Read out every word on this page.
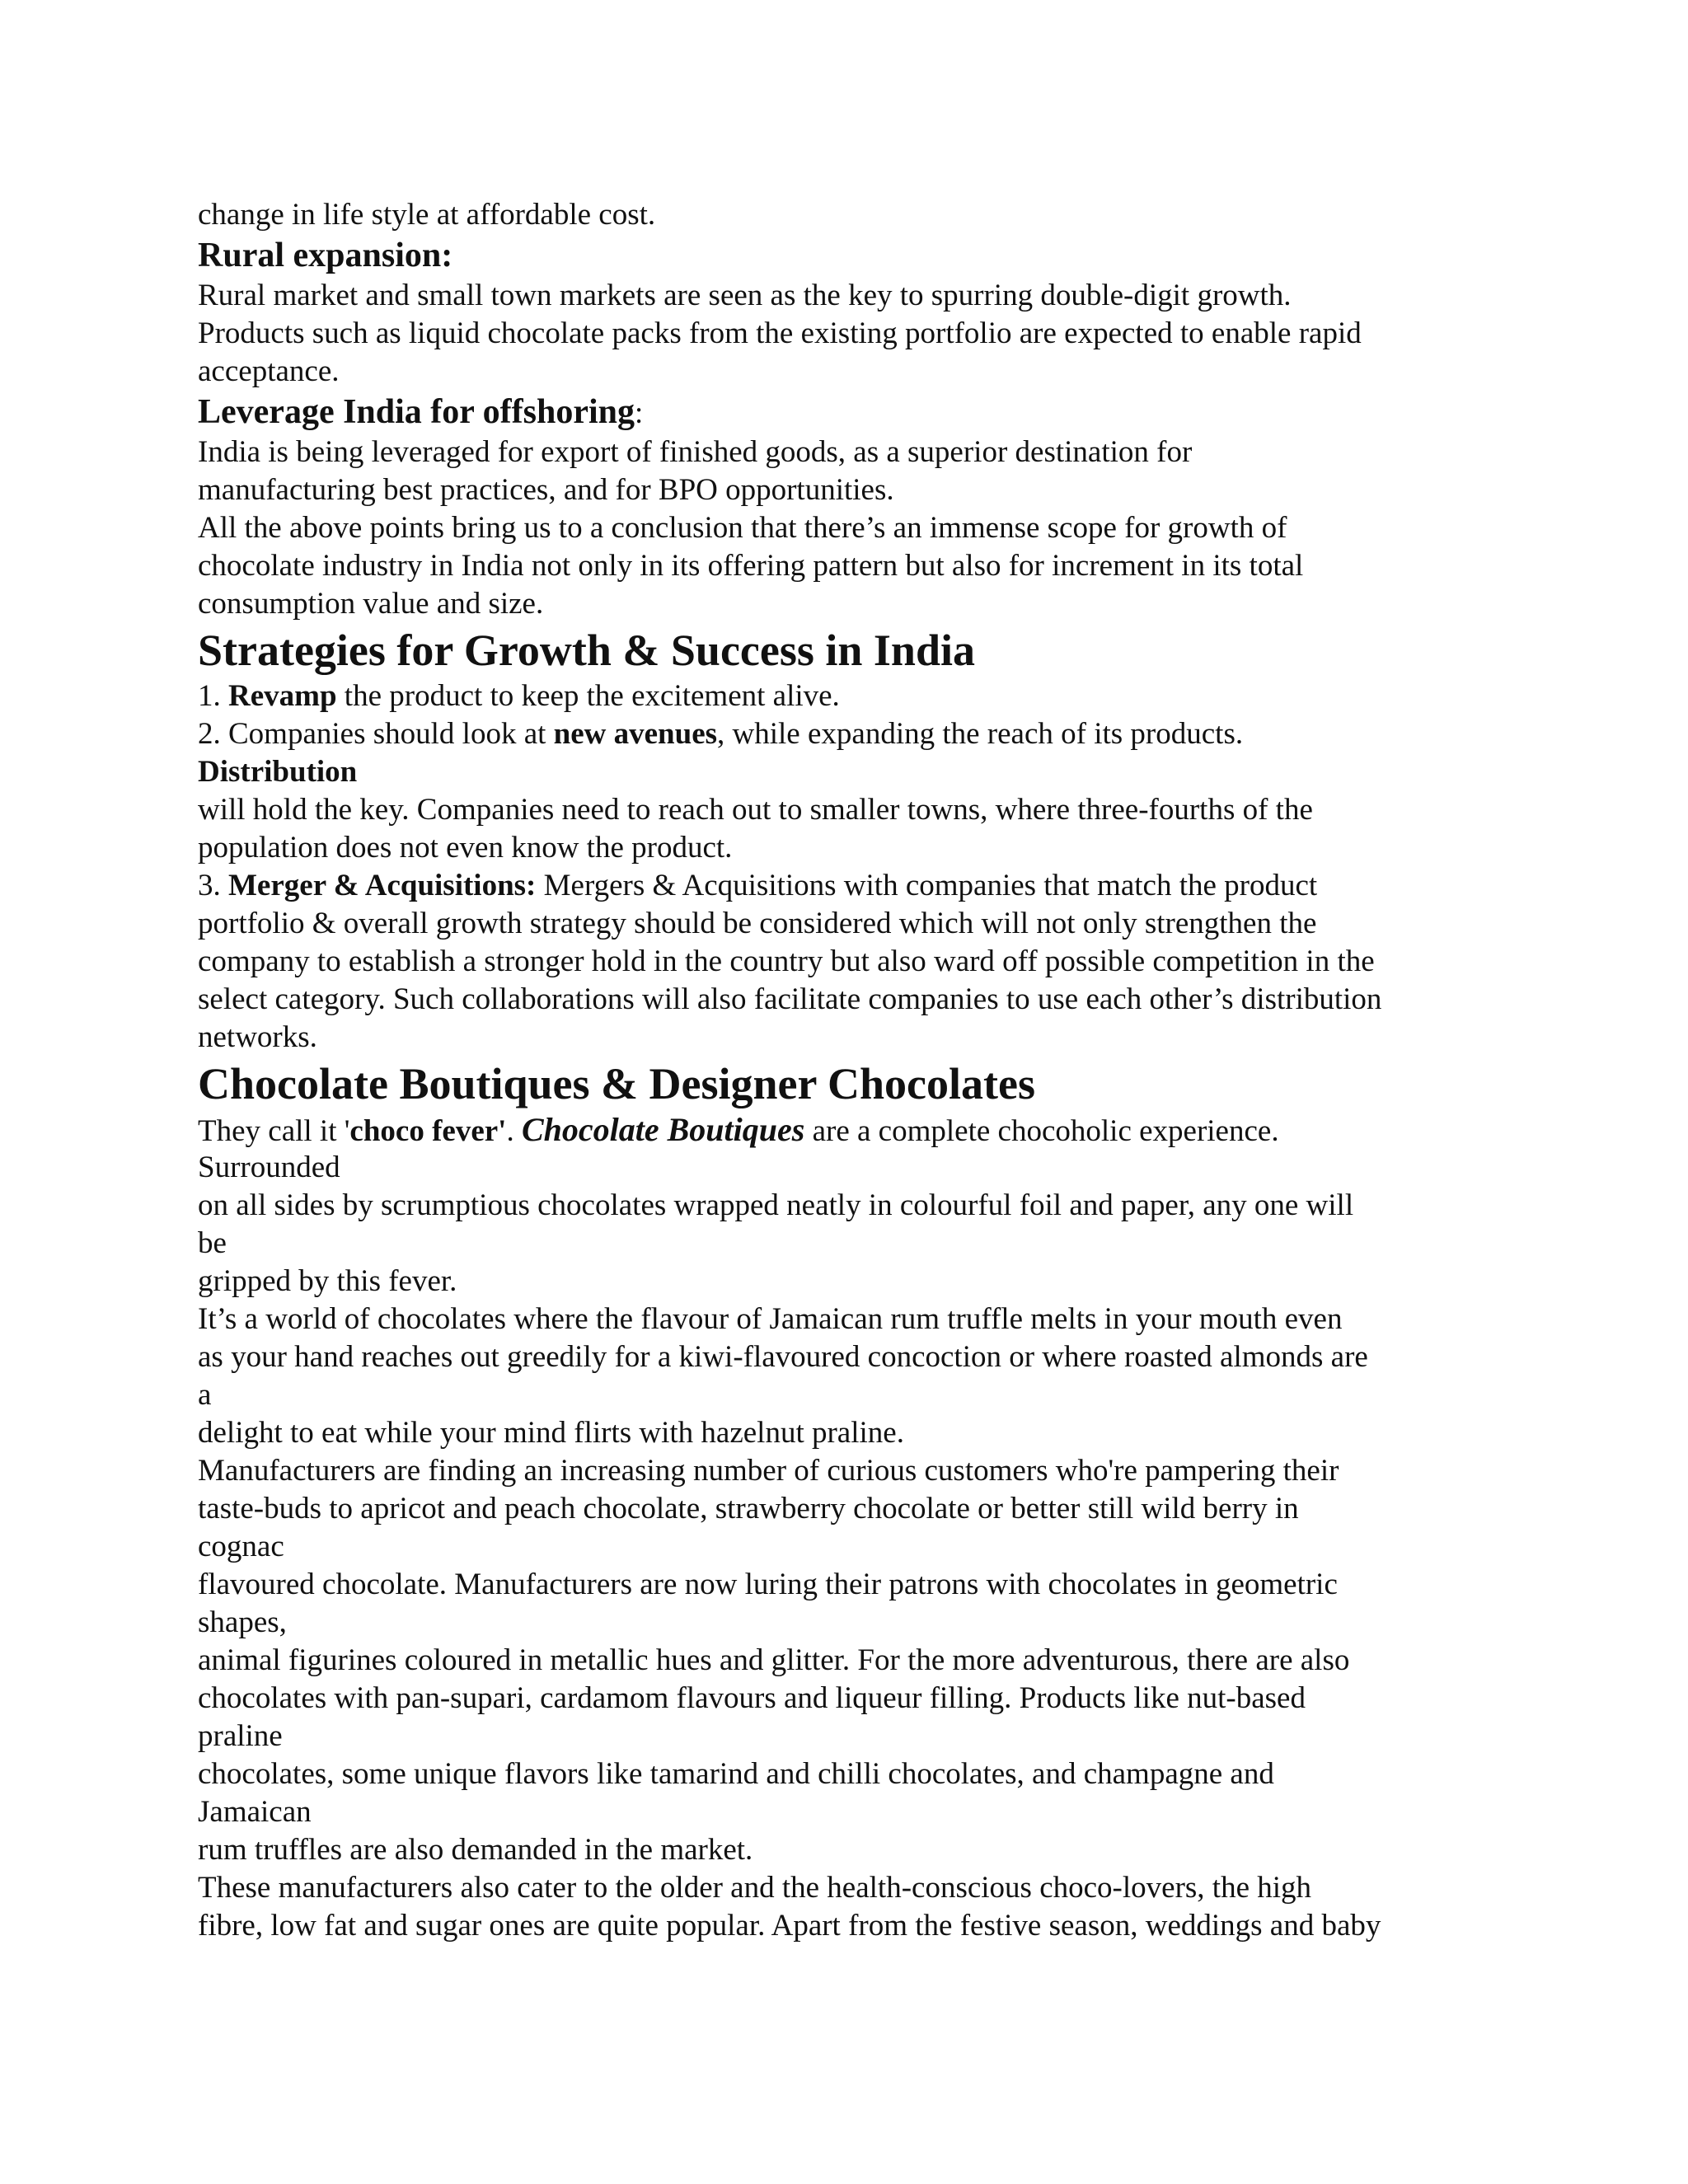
change in life style at affordable cost.

Rural expansion:

Rural market and small town markets are seen as the key to spurring double-digit growth.

Products such as liquid chocolate packs from the existing portfolio are expected to enable rapid

acceptance.

Leverage India for offshoring:

India is being leveraged for export of finished goods, as a superior destination for

manufacturing best practices, and for BPO opportunities.

All the above points bring us to a conclusion that there’s an immense scope for growth of

chocolate industry in India not only in its offering pattern but also for increment in its total

consumption value and size.

Strategies for Growth & Success in India

1. Revamp the product to keep the excitement alive.

2. Companies should look at new avenues, while expanding the reach of its products.

Distribution

will hold the key. Companies need to reach out to smaller towns, where three-fourths of the

population does not even know the product.

3. Merger & Acquisitions: Mergers & Acquisitions with companies that match the product

portfolio & overall growth strategy should be considered which will not only strengthen the

company to establish a stronger hold in the country but also ward off possible competition in the

select category. Such collaborations will also facilitate companies to use each other’s distribution

networks.

Chocolate Boutiques & Designer Chocolates

They call it 'choco fever'. Chocolate Boutiques are a complete chocoholic experience.

Surrounded

on all sides by scrumptious chocolates wrapped neatly in colourful foil and paper, any one will

be

gripped by this fever.

It’s a world of chocolates where the flavour of Jamaican rum truffle melts in your mouth even

as your hand reaches out greedily for a kiwi-flavoured concoction or where roasted almonds are

a

delight to eat while your mind flirts with hazelnut praline.

Manufacturers are finding an increasing number of curious customers who're pampering their

taste-buds to apricot and peach chocolate, strawberry chocolate or better still wild berry in

cognac

flavoured chocolate. Manufacturers are now luring their patrons with chocolates in geometric

shapes,

animal figurines coloured in metallic hues and glitter. For the more adventurous, there are also

chocolates with pan-supari, cardamom flavours and liqueur filling. Products like nut-based

praline

chocolates, some unique flavors like tamarind and chilli chocolates, and champagne and

Jamaican

rum truffles are also demanded in the market.

These manufacturers also cater to the older and the health-conscious choco-lovers, the high

fibre, low fat and sugar ones are quite popular. Apart from the festive season, weddings and baby
